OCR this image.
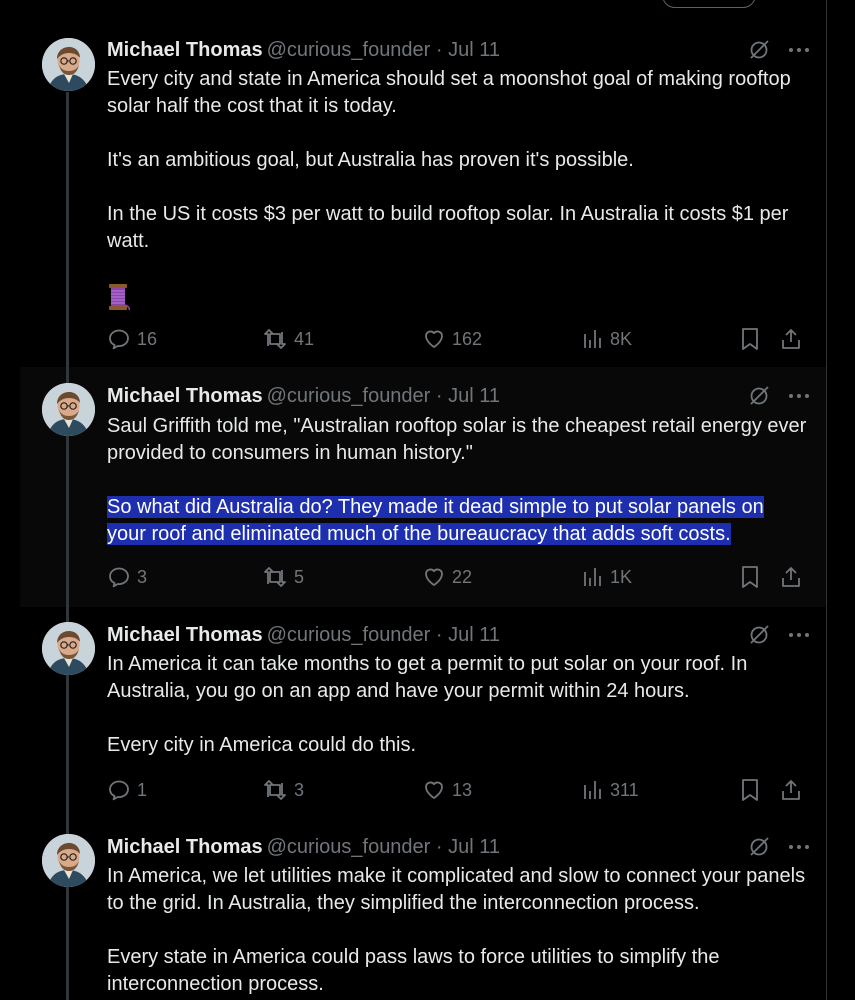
Michael Thomas @curious_founder · Jul 11

Every city and state in America should set a moonshot goal of making rooftop solar half the cost that it is today.

It's an ambitious goal, but Australia has proven it's possible.

In the US it costs $3 per watt to build rooftop solar. In Australia it costs $1 per watt.

16	41	162	8K
Michael Thomas @curious_founder · Jul 11

Saul Griffith told me, "Australian rooftop solar is the cheapest retail energy ever provided to consumers in human history."

So what did Australia do? They made it dead simple to put solar panels on
your roof and eliminated much of the bureaucracy that adds soft costs.

3	5	22	1K
Michael Thomas @curious_founder · Jul 11

In America it can take months to get a permit to put solar on your roof. In Australia, you go on an app and have your permit within 24 hours.

Every city in America could do this.

1	3	13	311
Michael Thomas @curious_founder · Jul 11

In America, we let utilities make it complicated and slow to connect your panels to the grid. In Australia, they simplified the interconnection process.

Every state in America could pass laws to force utilities to simplify the interconnection process.
